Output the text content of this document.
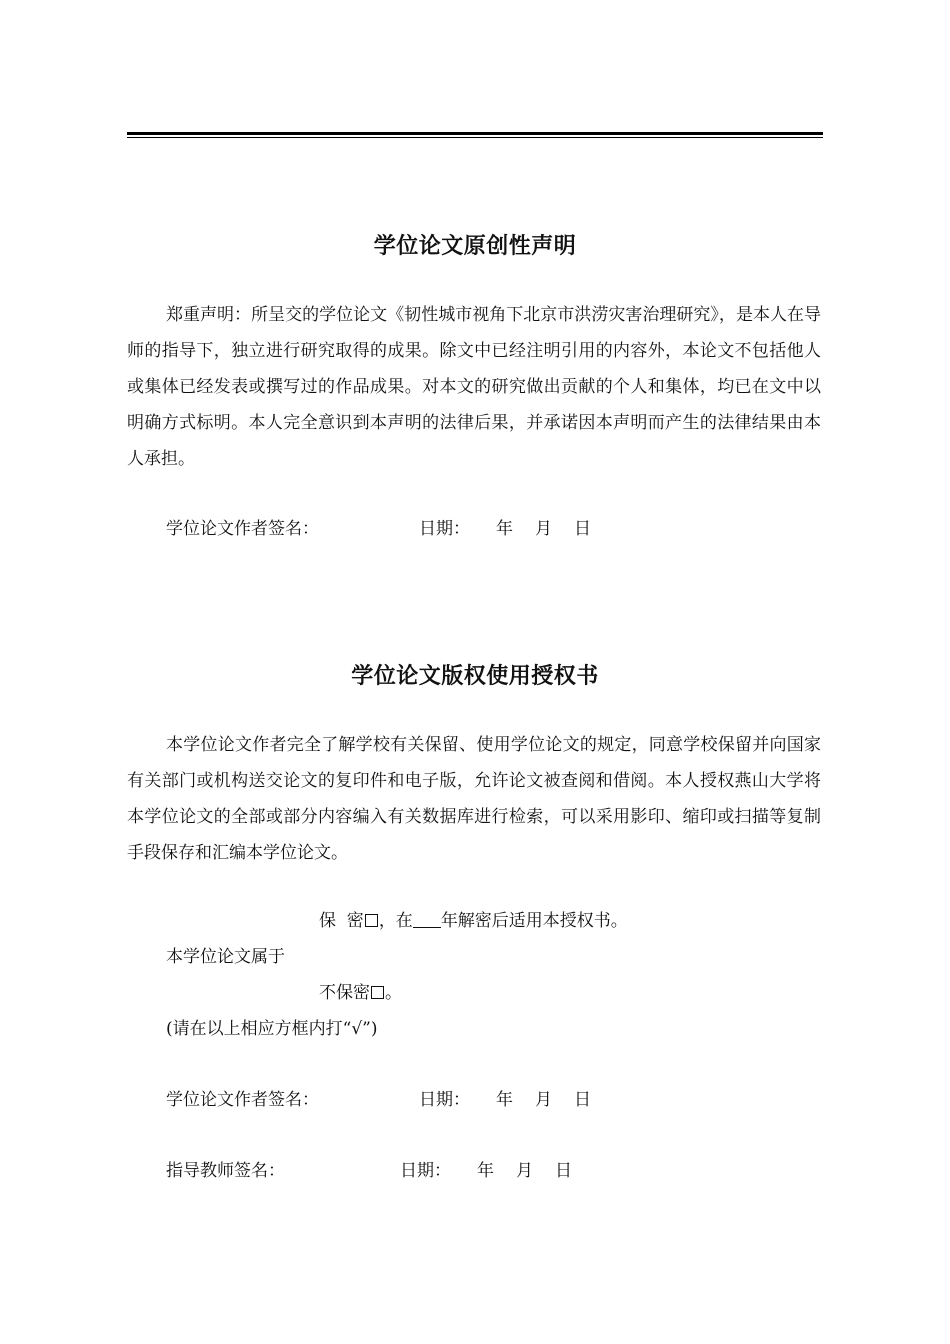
学位论文原创性声明

郑重声明：所呈交的学位论文《韧性城市视角下北京市洪涝灾害治理研究》，是本人在导师的指导下，独立进行研究取得的成果。除文中已经注明引用的内容外，本论文不包括他人或集体已经发表或撰写过的作品成果。对本文的研究做出贡献的个人和集体，均已在文中以明确方式标明。本人完全意识到本声明的法律后果，并承诺因本声明而产生的法律结果由本人承担。

学位论文作者签名：	日期： 年 月 日
学位论文版权使用授权书

本学位论文作者完全了解学校有关保留、使用学位论文的规定，同意学校保留并向国家有关部门或机构送交论文的复印件和电子版，允许论文被查阅和借阅。本人授权燕山大学将本学位论文的全部或部分内容编入有关数据库进行检索，可以采用影印、缩印或扫描等复制手段保存和汇编本学位论文。

保  密 ，在 年解密后适用本授权书。
本学位论文属于
不保密 。
(请在以上相应方框内打“√”)
学位论文作者签名：	日期： 年 月 日
指导教师签名：	日期： 年 月 日
